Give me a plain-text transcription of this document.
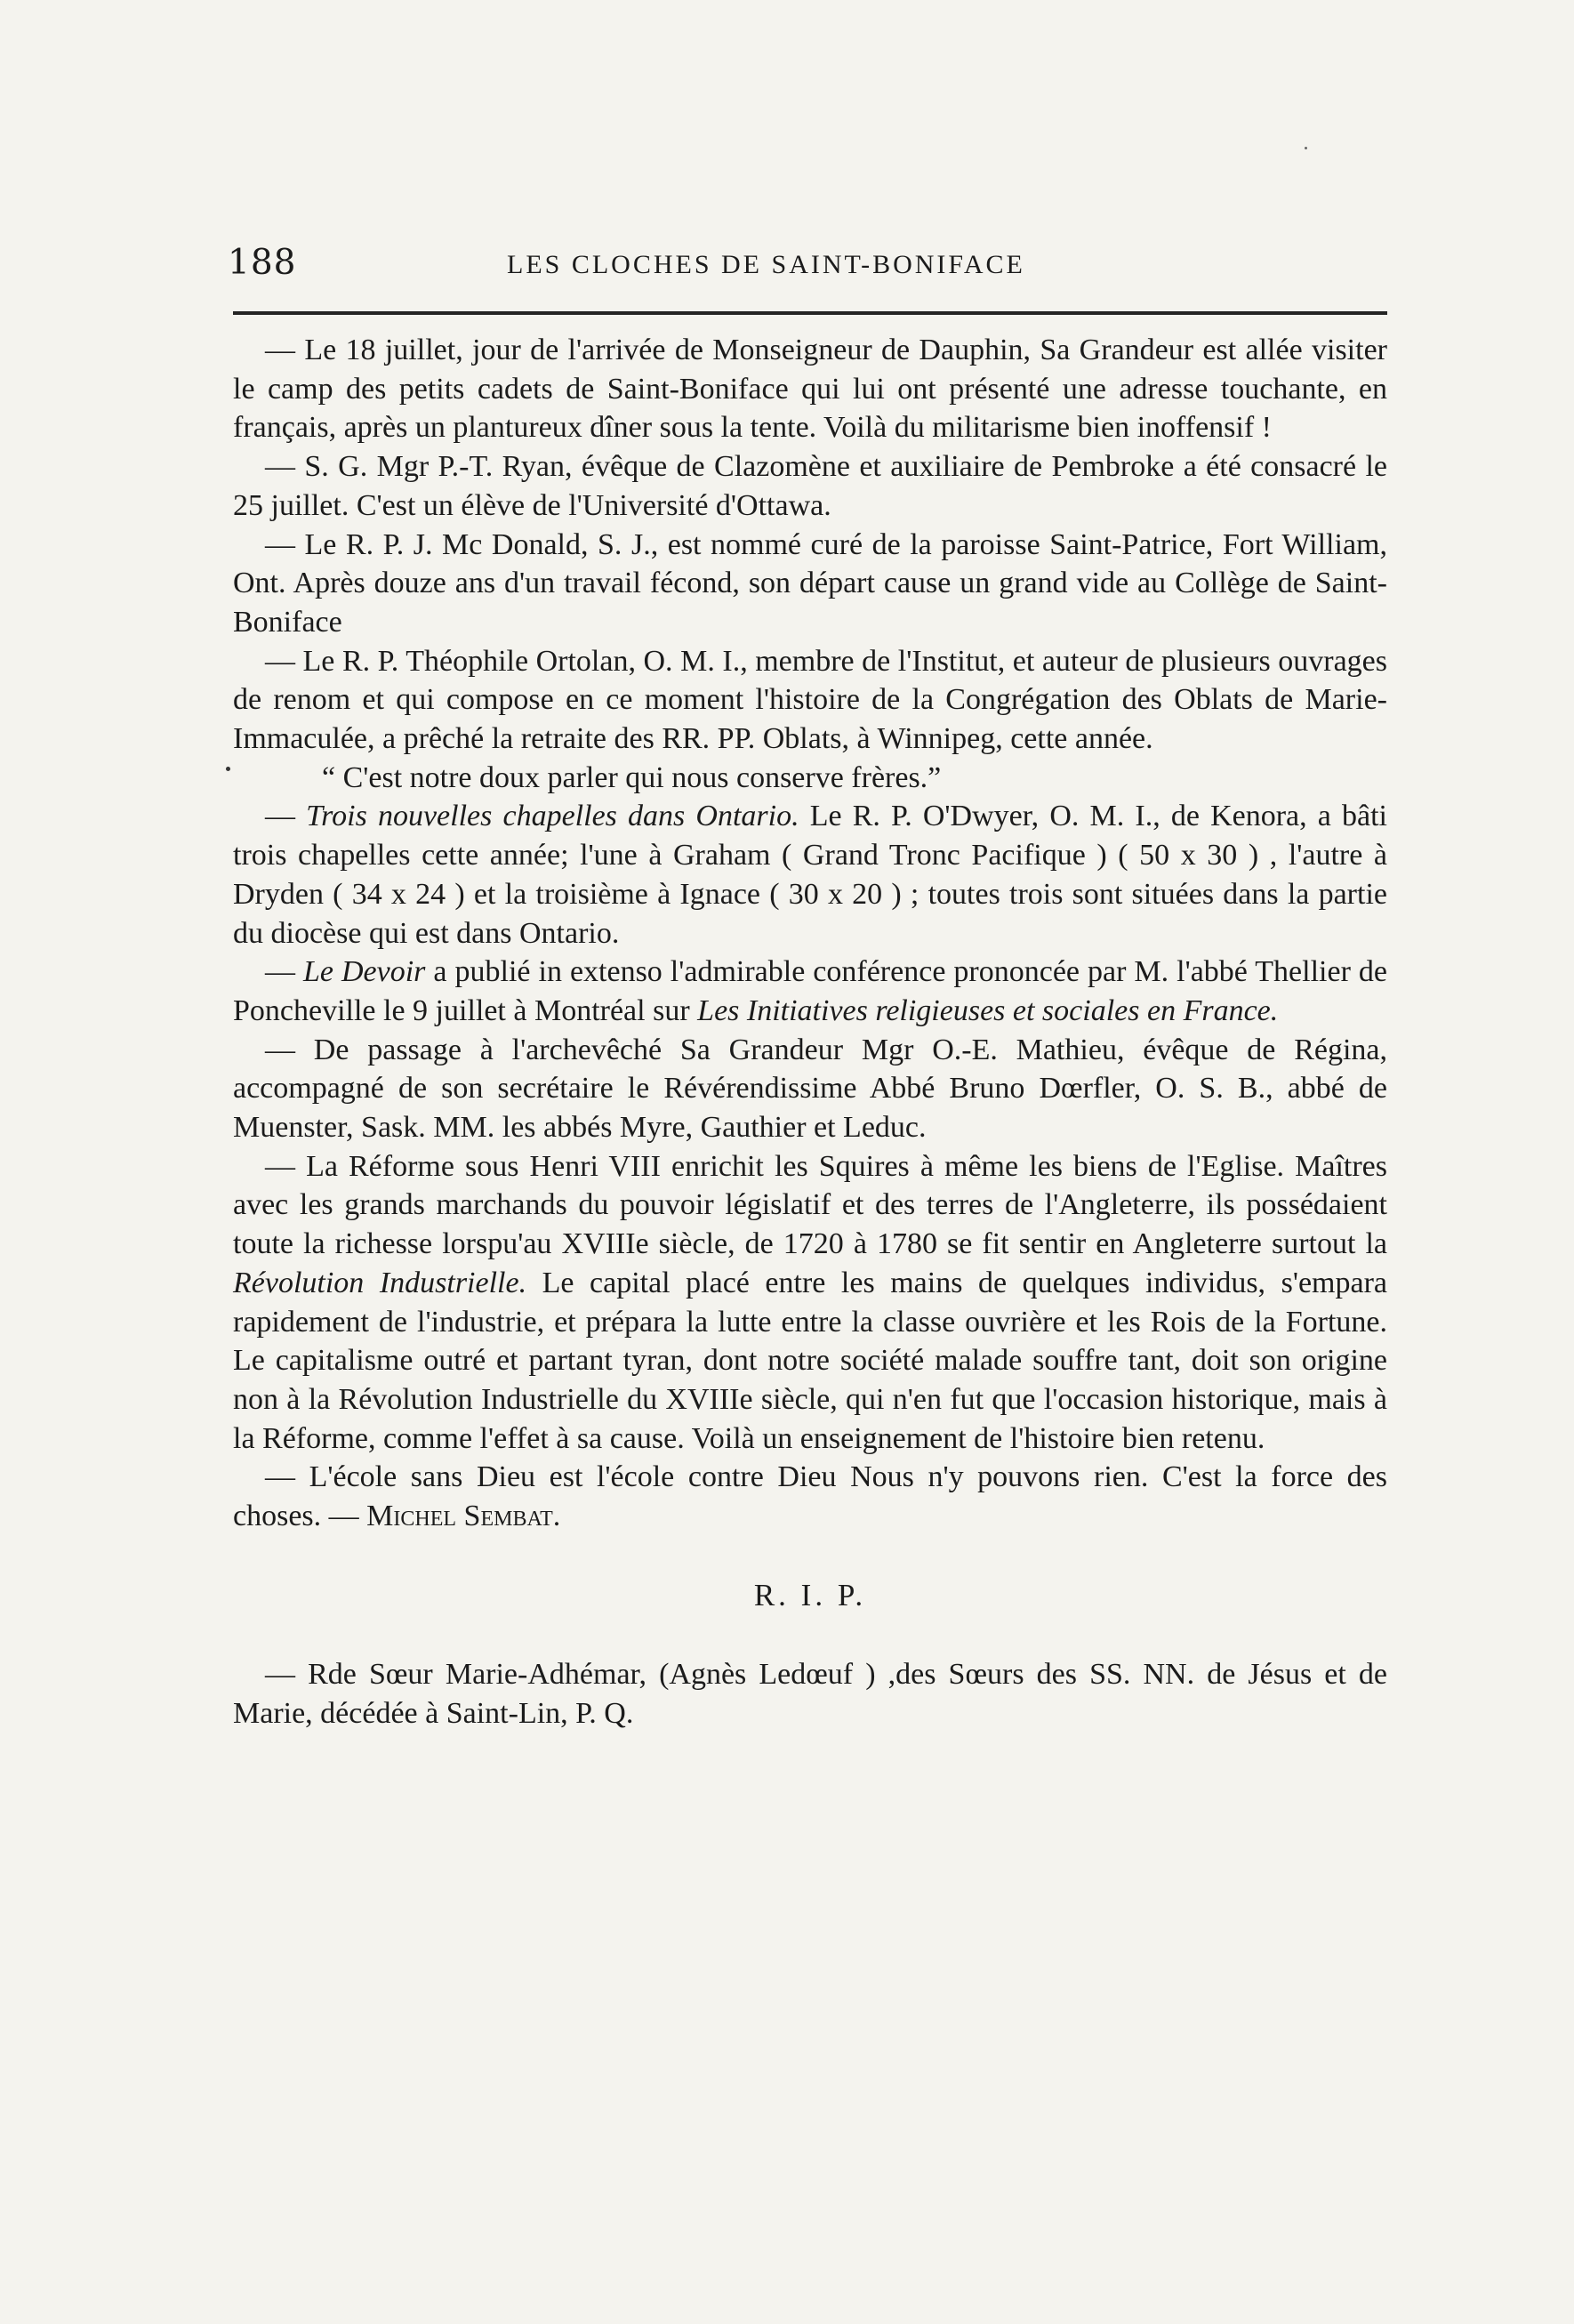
188	LES CLOCHES DE SAINT-BONIFACE

— Le 18 juillet, jour de l'arrivée de Monseigneur de Dauphin, Sa Grandeur est allée visiter le camp des petits cadets de Saint-Boniface qui lui ont présenté une adresse touchante, en français, après un plantureux dîner sous la tente. Voilà du militarisme bien inoffensif !

— S. G. Mgr P.-T. Ryan, évêque de Clazomène et auxiliaire de Pembroke a été consacré le 25 juillet. C'est un élève de l'Université d'Ottawa.

— Le R. P. J. Mc Donald, S. J., est nommé curé de la paroisse Saint-Patrice, Fort William, Ont. Après douze ans d'un travail fécond, son départ cause un grand vide au Collège de Saint-Boniface

— Le R. P. Théophile Ortolan, O. M. I., membre de l'Institut, et auteur de plusieurs ouvrages de renom et qui compose en ce moment l'histoire de la Congrégation des Oblats de Marie-Immaculée, a prêché la retraite des RR. PP. Oblats, à Winnipeg, cette année.

“ C'est notre doux parler qui nous conserve frères.”

— Trois nouvelles chapelles dans Ontario. Le R. P. O'Dwyer, O. M. I., de Kenora, a bâti trois chapelles cette année; l'une à Graham ( Grand Tronc Pacifique ) ( 50 x 30 ) , l'autre à Dryden ( 34 x 24 ) et la troisième à Ignace ( 30 x 20 ) ; toutes trois sont situées dans la partie du diocèse qui est dans Ontario.

— Le Devoir a publié in extenso l'admirable conférence prononcée par M. l'abbé Thellier de Poncheville le 9 juillet à Montréal sur Les Initiatives religieuses et sociales en France.

— De passage à l'archevêché Sa Grandeur Mgr O.-E. Mathieu, évêque de Régina, accompagné de son secrétaire le Révérendissime Abbé Bruno Dœrfler, O. S. B., abbé de Muenster, Sask. MM. les abbés Myre, Gauthier et Leduc.

— La Réforme sous Henri VIII enrichit les Squires à même les biens de l'Eglise. Maîtres avec les grands marchands du pouvoir législatif et des terres de l'Angleterre, ils possédaient toute la richesse lorspu'au XVIIIe siècle, de 1720 à 1780 se fit sentir en Angleterre surtout la Révolution Industrielle. Le capital placé entre les mains de quelques individus, s'empara rapidement de l'industrie, et prépara la lutte entre la classe ouvrière et les Rois de la Fortune. Le capitalisme outré et partant tyran, dont notre société malade souffre tant, doit son origine non à la Révolution Industrielle du XVIIIe siècle, qui n'en fut que l'occasion historique, mais à la Réforme, comme l'effet à sa cause. Voilà un enseignement de l'histoire bien retenu.

— L'école sans Dieu est l'école contre Dieu Nous n'y pouvons rien. C'est la force des choses. — Michel Sembat.

R. I. P.

— Rde Sœur Marie-Adhémar, (Agnès Ledœuf ) ,des Sœurs des SS. NN. de Jésus et de Marie, décédée à Saint-Lin, P. Q.
